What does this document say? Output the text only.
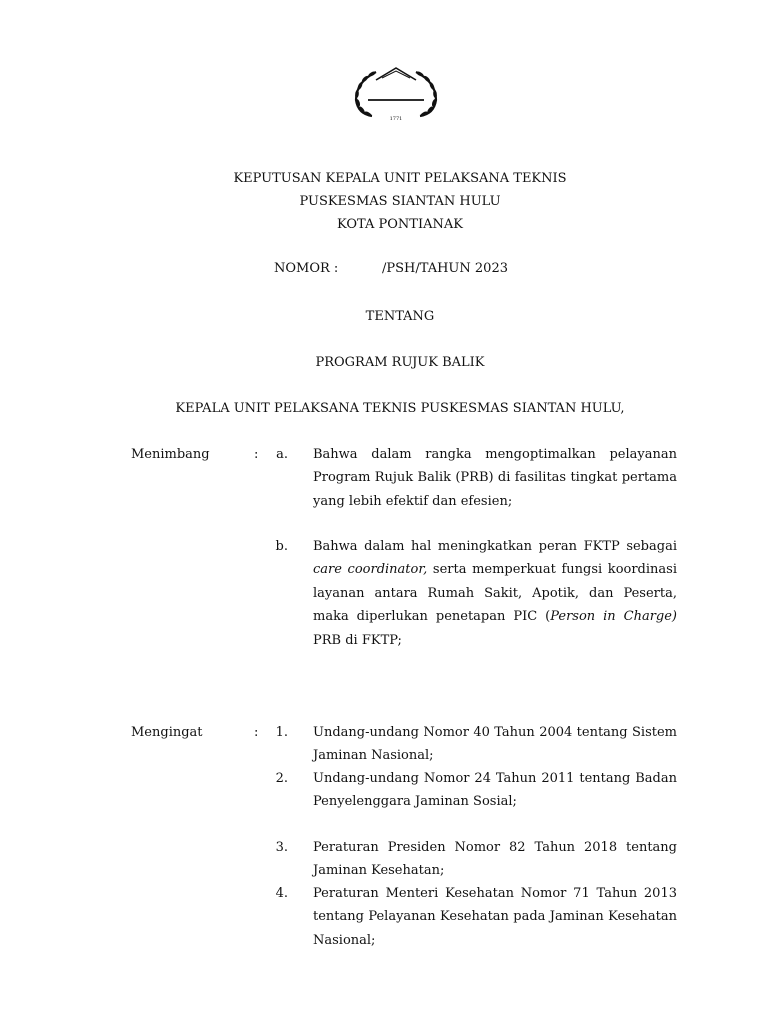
1771
KEPUTUSAN KEPALA UNIT PELAKSANA TEKNIS
PUSKESMAS SIANTAN HULU
KOTA PONTIANAK
NOMOR :	/PSH/TAHUN 2023
TENTANG
PROGRAM RUJUK BALIK
KEPALA UNIT PELAKSANA TEKNIS PUSKESMAS SIANTAN HULU,
Menimbang	:	a. Bahwa dalam rangka mengoptimalkan pelayanan Program Rujuk Balik (PRB) di fasilitas tingkat pertama yang lebih efektif dan efesien;
b. Bahwa dalam hal meningkatkan peran FKTP sebagai care coordinator, serta memperkuat fungsi koordinasi layanan antara Rumah Sakit, Apotik, dan Peserta, maka diperlukan penetapan PIC (Person in Charge) PRB di FKTP;
Mengingat	:	1. Undang-undang Nomor 40 Tahun 2004 tentang Sistem Jaminan Nasional;
2. Undang-undang Nomor 24 Tahun 2011 tentang Badan Penyelenggara Jaminan Sosial;
3. Peraturan Presiden Nomor 82 Tahun 2018 tentang Jaminan Kesehatan;
4. Peraturan Menteri Kesehatan Nomor 71 Tahun 2013 tentang Pelayanan Kesehatan pada Jaminan Kesehatan Nasional;
